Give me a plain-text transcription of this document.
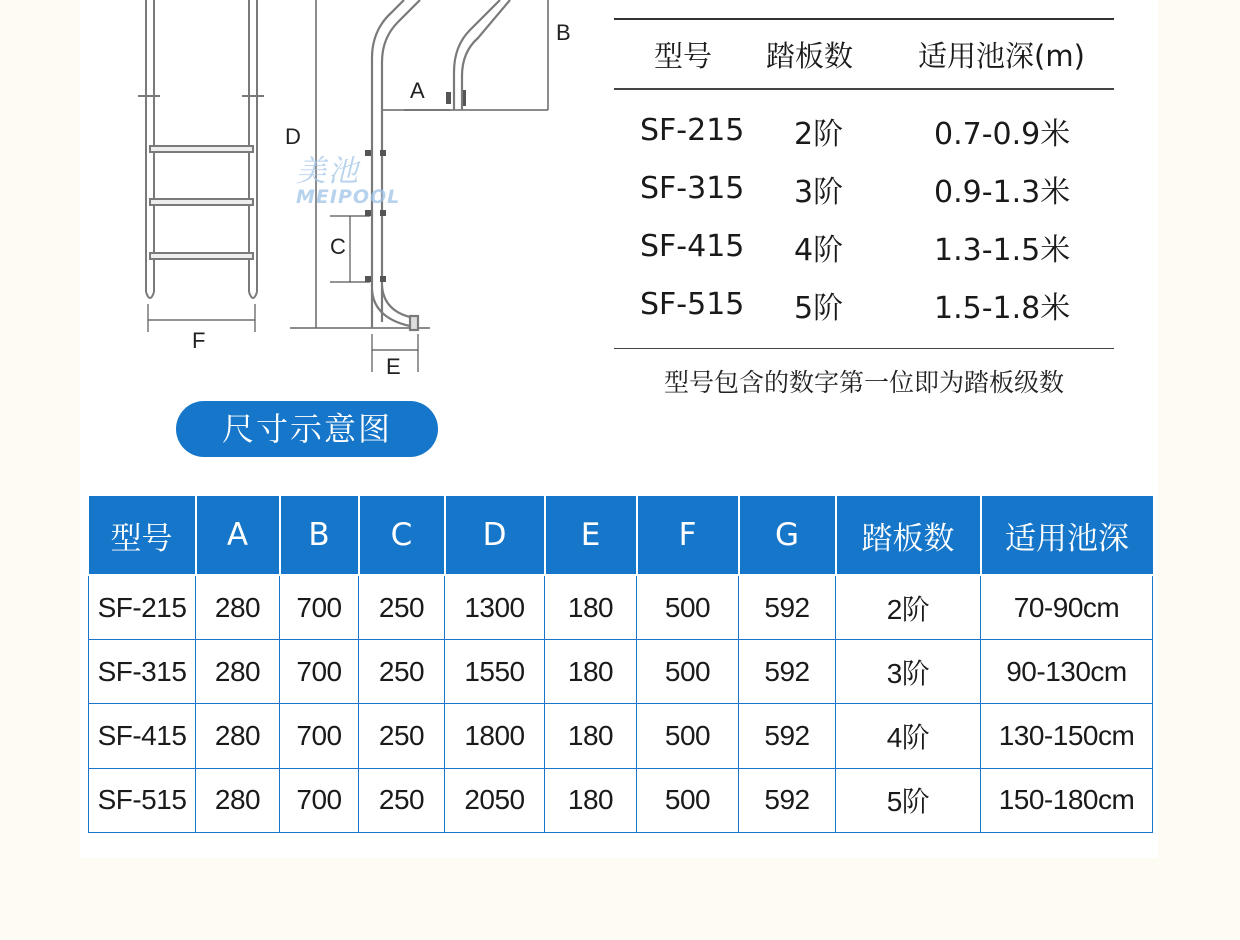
B
A
D
C
F
E
美池
MEIPOOL
尺寸示意图
型号	踏板数	适用池深(m)
SF-215	2阶	0.7-0.9米
SF-315	3阶	0.9-1.3米
SF-415	4阶	1.3-1.5米
SF-515	5阶	1.5-1.8米
型号包含的数字第一位即为踏板级数
型号	A	B	C	D	E	F	G	踏板数	适用池深
SF-215	280	700	250	1300	180	500	592	2阶	70-90cm
SF-315	280	700	250	1550	180	500	592	3阶	90-130cm
SF-415	280	700	250	1800	180	500	592	4阶	130-150cm
SF-515	280	700	250	2050	180	500	592	5阶	150-180cm
